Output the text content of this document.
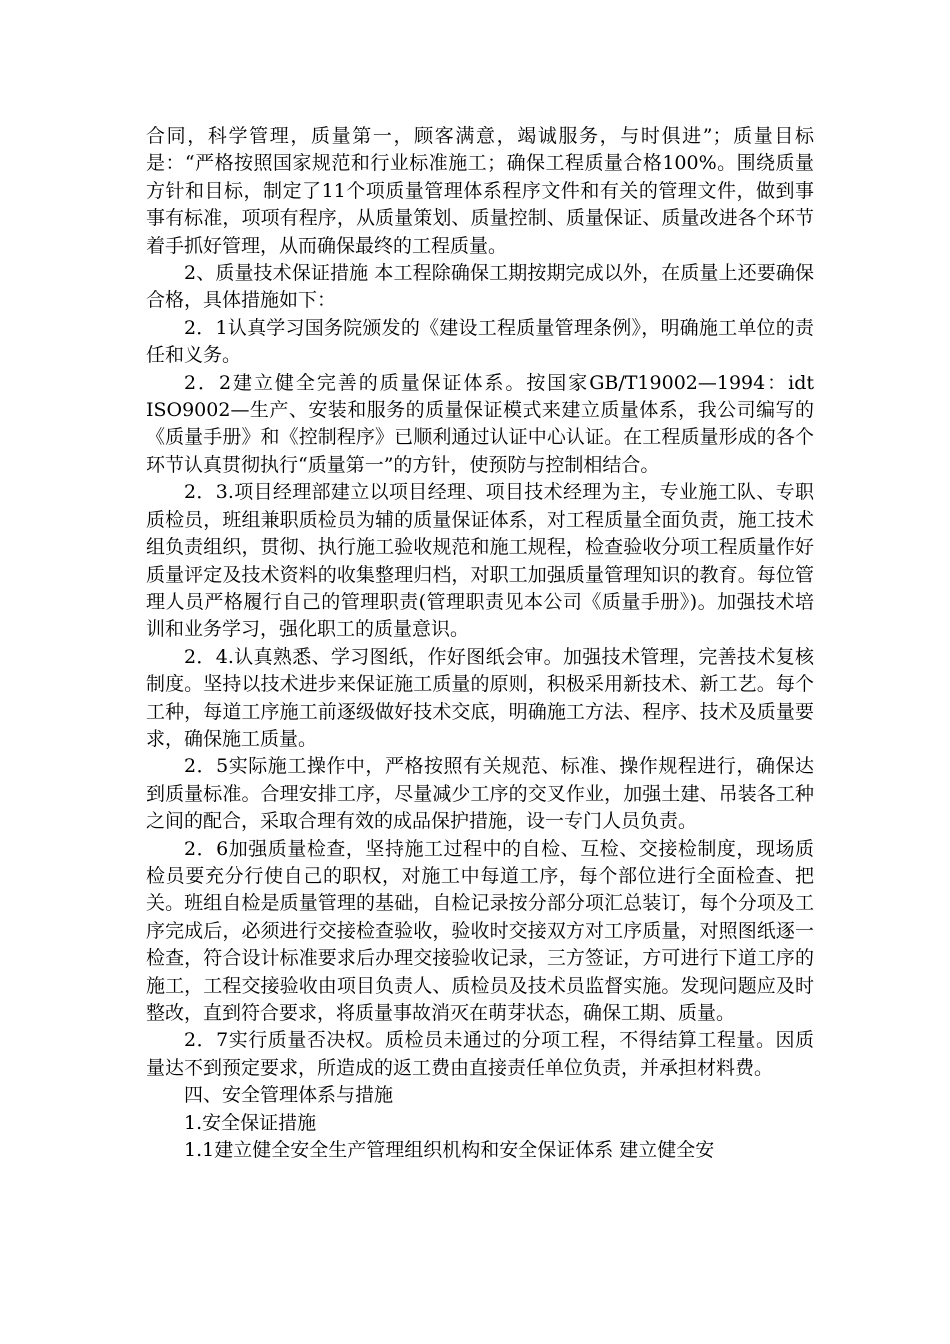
合同，科学管理，质量第一，顾客满意，竭诚服务，与时俱进”；质量目标是：“严格按照国家规范和行业标准施工；确保工程质量合格100%。围绕质量方针和目标，制定了11个项质量管理体系程序文件和有关的管理文件，做到事事有标准，项项有程序，从质量策划、质量控制、质量保证、质量改进各个环节着手抓好管理，从而确保最终的工程质量。

2、质量技术保证措施 本工程除确保工期按期完成以外，在质量上还要确保合格，具体措施如下：

2．1认真学习国务院颁发的《建设工程质量管理条例》，明确施工单位的责任和义务。

2．2建立健全完善的质量保证体系。按国家GB/T19002—1994：idt ISO9002—生产、安装和服务的质量保证模式来建立质量体系，我公司编写的《质量手册》和《控制程序》已顺利通过认证中心认证。在工程质量形成的各个环节认真贯彻执行“质量第一”的方针，使预防与控制相结合。

2．3.项目经理部建立以项目经理、项目技术经理为主，专业施工队、专职质检员，班组兼职质检员为辅的质量保证体系，对工程质量全面负责，施工技术组负责组织，贯彻、执行施工验收规范和施工规程，检查验收分项工程质量作好质量评定及技术资料的收集整理归档，对职工加强质量管理知识的教育。每位管理人员严格履行自己的管理职责(管理职责见本公司《质量手册》)。加强技术培训和业务学习，强化职工的质量意识。

2．4.认真熟悉、学习图纸，作好图纸会审。加强技术管理，完善技术复核制度。坚持以技术进步来保证施工质量的原则，积极采用新技术、新工艺。每个工种，每道工序施工前逐级做好技术交底，明确施工方法、程序、技术及质量要求，确保施工质量。

2．5实际施工操作中，严格按照有关规范、标准、操作规程进行，确保达到质量标准。合理安排工序，尽量减少工序的交叉作业，加强土建、吊装各工种之间的配合，采取合理有效的成品保护措施，设一专门人员负责。

2．6加强质量检查，坚持施工过程中的自检、互检、交接检制度，现场质检员要充分行使自己的职权，对施工中每道工序，每个部位进行全面检查、把关。班组自检是质量管理的基础，自检记录按分部分项汇总装订，每个分项及工序完成后，必须进行交接检查验收，验收时交接双方对工序质量，对照图纸逐一检查，符合设计标准要求后办理交接验收记录，三方签证，方可进行下道工序的施工，工程交接验收由项目负责人、质检员及技术员监督实施。发现问题应及时整改，直到符合要求，将质量事故消灭在萌芽状态，确保工期、质量。

2．7实行质量否决权。质检员未通过的分项工程，不得结算工程量。因质量达不到预定要求，所造成的返工费由直接责任单位负责，并承担材料费。

四、安全管理体系与措施

1.安全保证措施

1.1建立健全安全生产管理组织机构和安全保证体系 建立健全安
